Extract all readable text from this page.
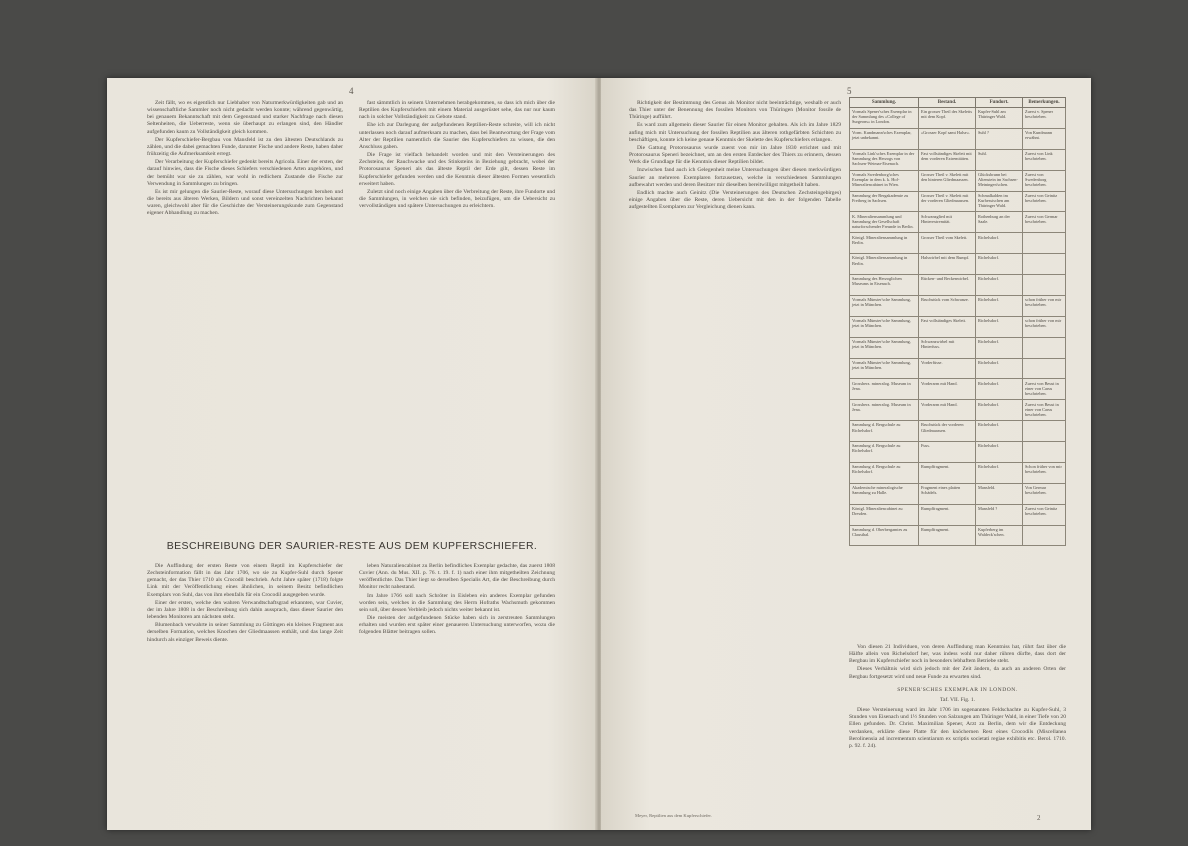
4

Zeit fällt, wo es eigentlich nur Liebhaber von Naturmerkwürdigkeiten gab und an wissenschaftliche Sammler noch nicht gedacht werden konnte; während gegenwärtig, bei genauem Bekanntschaft mit dem Gegenstand und starker Nachfrage nach diesen Seltenheiten, die Ueberreste, wenn sie überhaupt zu erlangen sind, den Händler aufgefunden kaum zu Vollständigkeit gleich kommen.

Der Kupferschiefer-Bergbau von Mansfeld ist zu den ältesten Deutschlands zu zählen, und die dabei gemachten Funde, darunter Fische und andere Reste, haben daher frühzeitig die Aufmerksamkeit erregt.

Der Verarbeitung der Kupferschiefer gedenkt bereits Agricola. Einer der ersten, der darauf hinwies, dass die Fische dieses Schiefers verschiedenen Arten angehören, und der bemüht war sie zu zählen, war wohl in redlichem Zustande die Fische zur Verwendung in Sammlungen zu bringen.

Es ist mir gelungen die Saurier-Reste, worauf diese Untersuchungen beruhen und die bereits aus älteren Werken, Bildern und sonst vereinzelten Nachrichten bekannt waren, gleichwohl aber für die Geschichte der Versteinerungskunde zum Gegenstand eigener Abhandlung zu machen.

fast sämmtlich in seinem Unternehmen herabgekommen, so dass ich mich über die Reptilien des Kupferschiefers mit einem Material ausgerüstet sehe, das nur nur kaum nach in solcher Vollständigkeit zu Gebote stand.

Ehe ich zur Darlegung der aufgefundenen Reptilien-Reste schreite, will ich nicht unterlassen noch darauf aufmerksam zu machen, dass bei Beantwortung der Frage vom Alter der Reptilien namentlich die Saurier des Kupferschiefers zu wissen, die den Anschluss gaben.

Die Frage ist vielfach behandelt worden und mit den Versteinerungen des Zechsteins, der Rauchwacke und des Stinksteins in Beziehung gebracht, wobei der Protorosaurus Speneri als das älteste Reptil der Erde gilt, dessen Reste im Kupferschiefer gefunden werden und die Kenntnis dieser ältesten Formen wesentlich erweitert haben.

Zuletzt sind noch einige Angaben über die Verbreitung der Reste, ihre Fundorte und die Sammlungen, in welchen sie sich befinden, beizufügen, um die Uebersicht zu vervollständigen und spätere Untersuchungen zu erleichtern.

BESCHREIBUNG DER SAURIER-RESTE AUS DEM KUPFERSCHIEFER.

Die Auffindung der ersten Reste von einem Reptil im Kupferschiefer der Zechsteinformation fällt in das Jahr 1706, wo sie zu Kupfer-Suhl durch Spener gemacht, der das Thier 1710 als Crocodil beschrieb. Acht Jahre später (1718) folgte Link mit der Veröffentlichung eines ähnlichen, in seinem Besitz befindlichen Exemplars von Suhl, das von ihm ebenfalls für ein Crocodil ausgegeben wurde.

Einer der ersten, welche den wahren Verwandtschaftsgrad erkannten, war Cuvier, der im Jahre 1808 in der Beschreibung sich dahin aussprach, dass dieser Saurier den lebenden Monitoren am nächsten steht.

Blumenbach verwahrte in seiner Sammlung zu Göttingen ein kleines Fragment aus derselben Formation, welches Knochen der Gliedmaassen enthält, und das lange Zeit hindurch als einziger Beweis diente.

leben Naturaliencabinet zu Berlin befindliches Exemplar gedachte, das zuerst 1808 Cuvier (Ann. du Mus. XII. p. 76. t. 19. f. 1) nach einer ihm mitgetheilten Zeichnung veröffentlichte. Das Thier liegt so derselben Specialis Art, die der Beschreibung durch Monitor recht nahestand.

Im Jahre 1766 soll nach Schröter in Eisleben ein anderes Exemplar gefunden worden sein, welches in die Sammlung des Herrn Hofraths Wachsmuth gekommen sein soll, über dessen Verbleib jedoch nichts weiter bekannt ist.

Die meisten der aufgefundenen Stücke haben sich in zerstreuten Sammlungen erhalten und wurden erst später einer genaueren Untersuchung unterworfen, wozu die folgenden Blätter beitragen sollen.

5

Richtigkeit der Bestimmung des Genus als Monitor nicht beeinträchtige, weshalb er auch das Thier unter der Benennung des fossilen Monitors von Thüringen (Monitor fossile de Thüringe) aufführt.

Es ward zum allgemein dieser Saurier für einen Monitor gehalten. Als ich im Jahre 1829 anfing mich mit Untersuchung der fossilen Reptilien aus älteren rothgefärbten Schichten zu beschäftigen, konnte ich keine genaue Kenntnis der Skelette des Kupferschiefers erlangen.

Die Gattung Protorosaurus wurde zuerst von mir im Jahre 1830 errichtet und mit Protorosaurus Speneri bezeichnet, um an den ersten Entdecker des Thiers zu erinnern, dessen Werk die Grundlage für die Kenntnis dieser Reptilien bildet.

Inzwischen fand auch ich Gelegenheit meine Untersuchungen über diesen merkwürdigen Saurier an mehreren Exemplaren fortzusetzen, welche in verschiedenen Sammlungen aufbewahrt werden und deren Besitzer mir dieselben bereitwilligst mitgetheilt haben.

Endlich machte auch Geinitz (Die Versteinerungen des Deutschen Zechsteingebirges) einige Angaben über die Reste, deren Uebersicht mit den in der folgenden Tabelle aufgestellten Exemplaren zur Vergleichung dienen kann.

Sammlung.	Bestand.	Fundort.	Bemerkungen.
Vormals Spener'sches Exemplar in der Sammlung des »College of Surgeons« in London.	Ein grosser Theil des Skeletts mit dem Kopf.	Kupfer-Suhl am Thüringer Wald.	Zuerst v. Spener beschrieben.
Vorm. Kundmann'sches Exemplar, jetzt unbekannt.	»Groszer Kopf samt Halse«.	Suhl ?	Von Kundmann erwähnt.
Vormals Link'sches Exemplar in der Sammlung des Herzogs von Sachsen-Weimar-Eisenach.	Fast vollständiges Skelett mit dem vorderen Extremitäten.	Suhl.	Zuerst von Link beschrieben.
Vormals Swedenborg'sches Exemplar in dem k. k. Hof-Mineraliencabinet in Wien.	Grosser Theil v. Skelett mit den hinteren Gliedmaassen.	Glücksbrunn bei Altenstein im Sachsen-Meiningen'schen.	Zuerst von Swedenborg beschrieben.
Sammlung der Bergakademie zu Freiberg in Sachsen.	Grosser Theil v. Skelett mit der vorderen Gliedmaassen.	Schmalkalden im Kurhessischen am Thüringer Wald.	Zuerst von Geinitz beschrieben.
K. Mineraliensammlung und Sammlung der Gesellschaft naturforschender Freunde in Berlin.	Schwanzglied mit Hinterextremität.	Rothenburg an der Saale.	Zuerst von Germar beschrieben.
Königl. Mineraliensammlung in Berlin.	Grosser Theil vom Skelett.	Richelsdorf.	
Königl. Mineraliensammlung in Berlin.	Halswirbel mit dem Rumpf.	Richelsdorf.	
Sammlung des Herzoglichen Museums in Eisenach.	Rücken- und Beckenwirbel.	Richelsdorf.	
Vormals Münster'sche Sammlung, jetzt in München.	Bruchstück vom Schwanze.	Richelsdorf.	schon früher von mir beschrieben.
Vormals Münster'sche Sammlung, jetzt in München.	Fast vollständiges Skelett.	Richelsdorf.	schon früher von mir beschrieben.
Vormals Münster'sche Sammlung, jetzt in München.	Schwanzwirbel mit Hinterfuss.	Richelsdorf.	
Vormals Münster'sche Sammlung, jetzt in München.	Vorderfüsse.	Richelsdorf.	
Grossherz. mineralog. Museum in Jena.	Vorderarm mit Hand.	Richelsdorf.	Zuerst von Beust in einer von Carus beschrieben.
Grossherz. mineralog. Museum in Jena.	Vorderarm mit Hand.	Richelsdorf.	Zuerst von Beust in einer von Carus beschrieben.
Sammlung d. Bergschule zu Richelsdorf.	Bruchstück der vorderen Gliedmaassen.	Richelsdorf.	
Sammlung d. Bergschule zu Richelsdorf.	Fuss.	Richelsdorf.	
Sammlung d. Bergschule zu Richelsdorf.	Rumpffragment.	Richelsdorf.	Schon früher von mir beschrieben.
Akademische mineralogische Sammlung zu Halle.	Fragment eines platten Schädels.	Mansfeld.	Von Germar beschrieben.
Königl. Mineraliencabinet zu Dresden.	Rumpffragment.	Mansfeld ?	Zuerst von Geinitz beschrieben.
Sammlung d. Oberbergamtes zu Clausthal.	Rumpffragment.	Kupferberg im Waldeck'schen.	

Von diesen 21 Individuen, von deren Auffindung man Kenntniss hat, rührt fast über die Hälfte allein von Richelsdorf her, was indess wohl nur daher rühren dürfte, dass dort der Bergbau im Kupferschiefer noch in besonders lebhaftem Betriebe steht.

Dieses Verhältnis wird sich jedoch mit der Zeit ändern, da auch an anderen Orten der Bergbau fortgesetzt wird und neue Funde zu erwarten sind.

SPENER'SCHES EXEMPLAR IN LONDON.
Taf. VII. Fig. 1.

Diese Versteinerung ward im Jahr 1706 im sogenannten Feldschachte zu Kupfer-Suhl, 3 Stunden von Eisenach und 1½ Stunden von Salzungen am Thüringer Wald, in einer Tiefe von 20 Ellen gefunden. Dr. Christ. Maximilian Spener, Arzt zu Berlin, dem wir die Entdeckung verdanken, erklärte diese Platte für den knöchernen Rest eines Crocodils (Miscellanea Berolinensia ad incrementum scientiarum ex scriptis societati regiae exhibitis etc. Berol. 1710. p. 92. f. 24).

Meyer, Reptilien aus dem Kupferschiefer.	2
